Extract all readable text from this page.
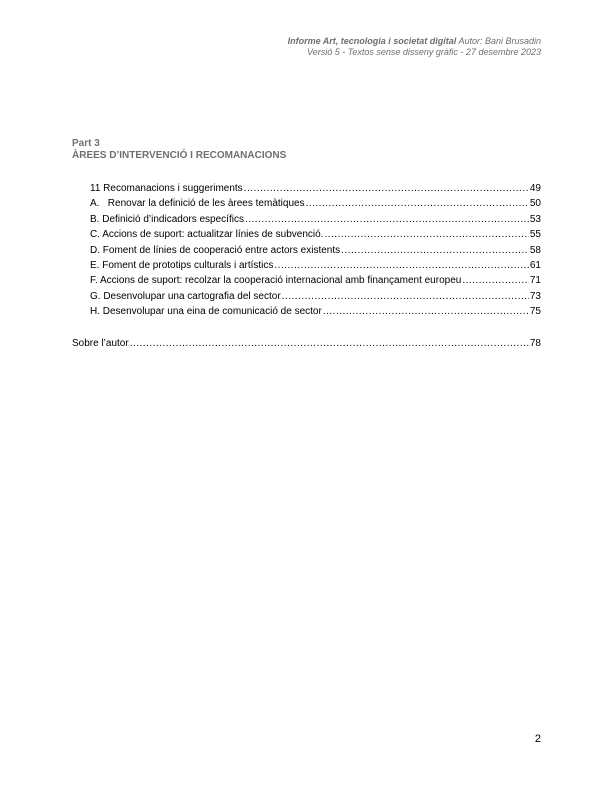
Informe Art, tecnologia i societat digital Autor: Bani Brusadin
Versió 5 - Textos sense disseny gràfic - 27 desembre 2023
Part 3
ÀREES D’INTERVENCIÓ I RECOMANACIONS
11 Recomanacions i suggeriments .....	49
A.   Renovar la definició de les àrees temàtiques .....	50
B. Definició d’indicadors específics .....	53
C. Accions de suport: actualitzar línies de subvenció. .....	55
D. Foment de línies de cooperació entre actors existents .....	58
E. Foment de prototips culturals i artístics .....	61
F. Accions de suport: recolzar la cooperació internacional amb finançament europeu .....	71
G. Desenvolupar una cartografia del sector .....	73
H. Desenvolupar una eina de comunicació de sector .....	75
Sobre l’autor .....	78
2
